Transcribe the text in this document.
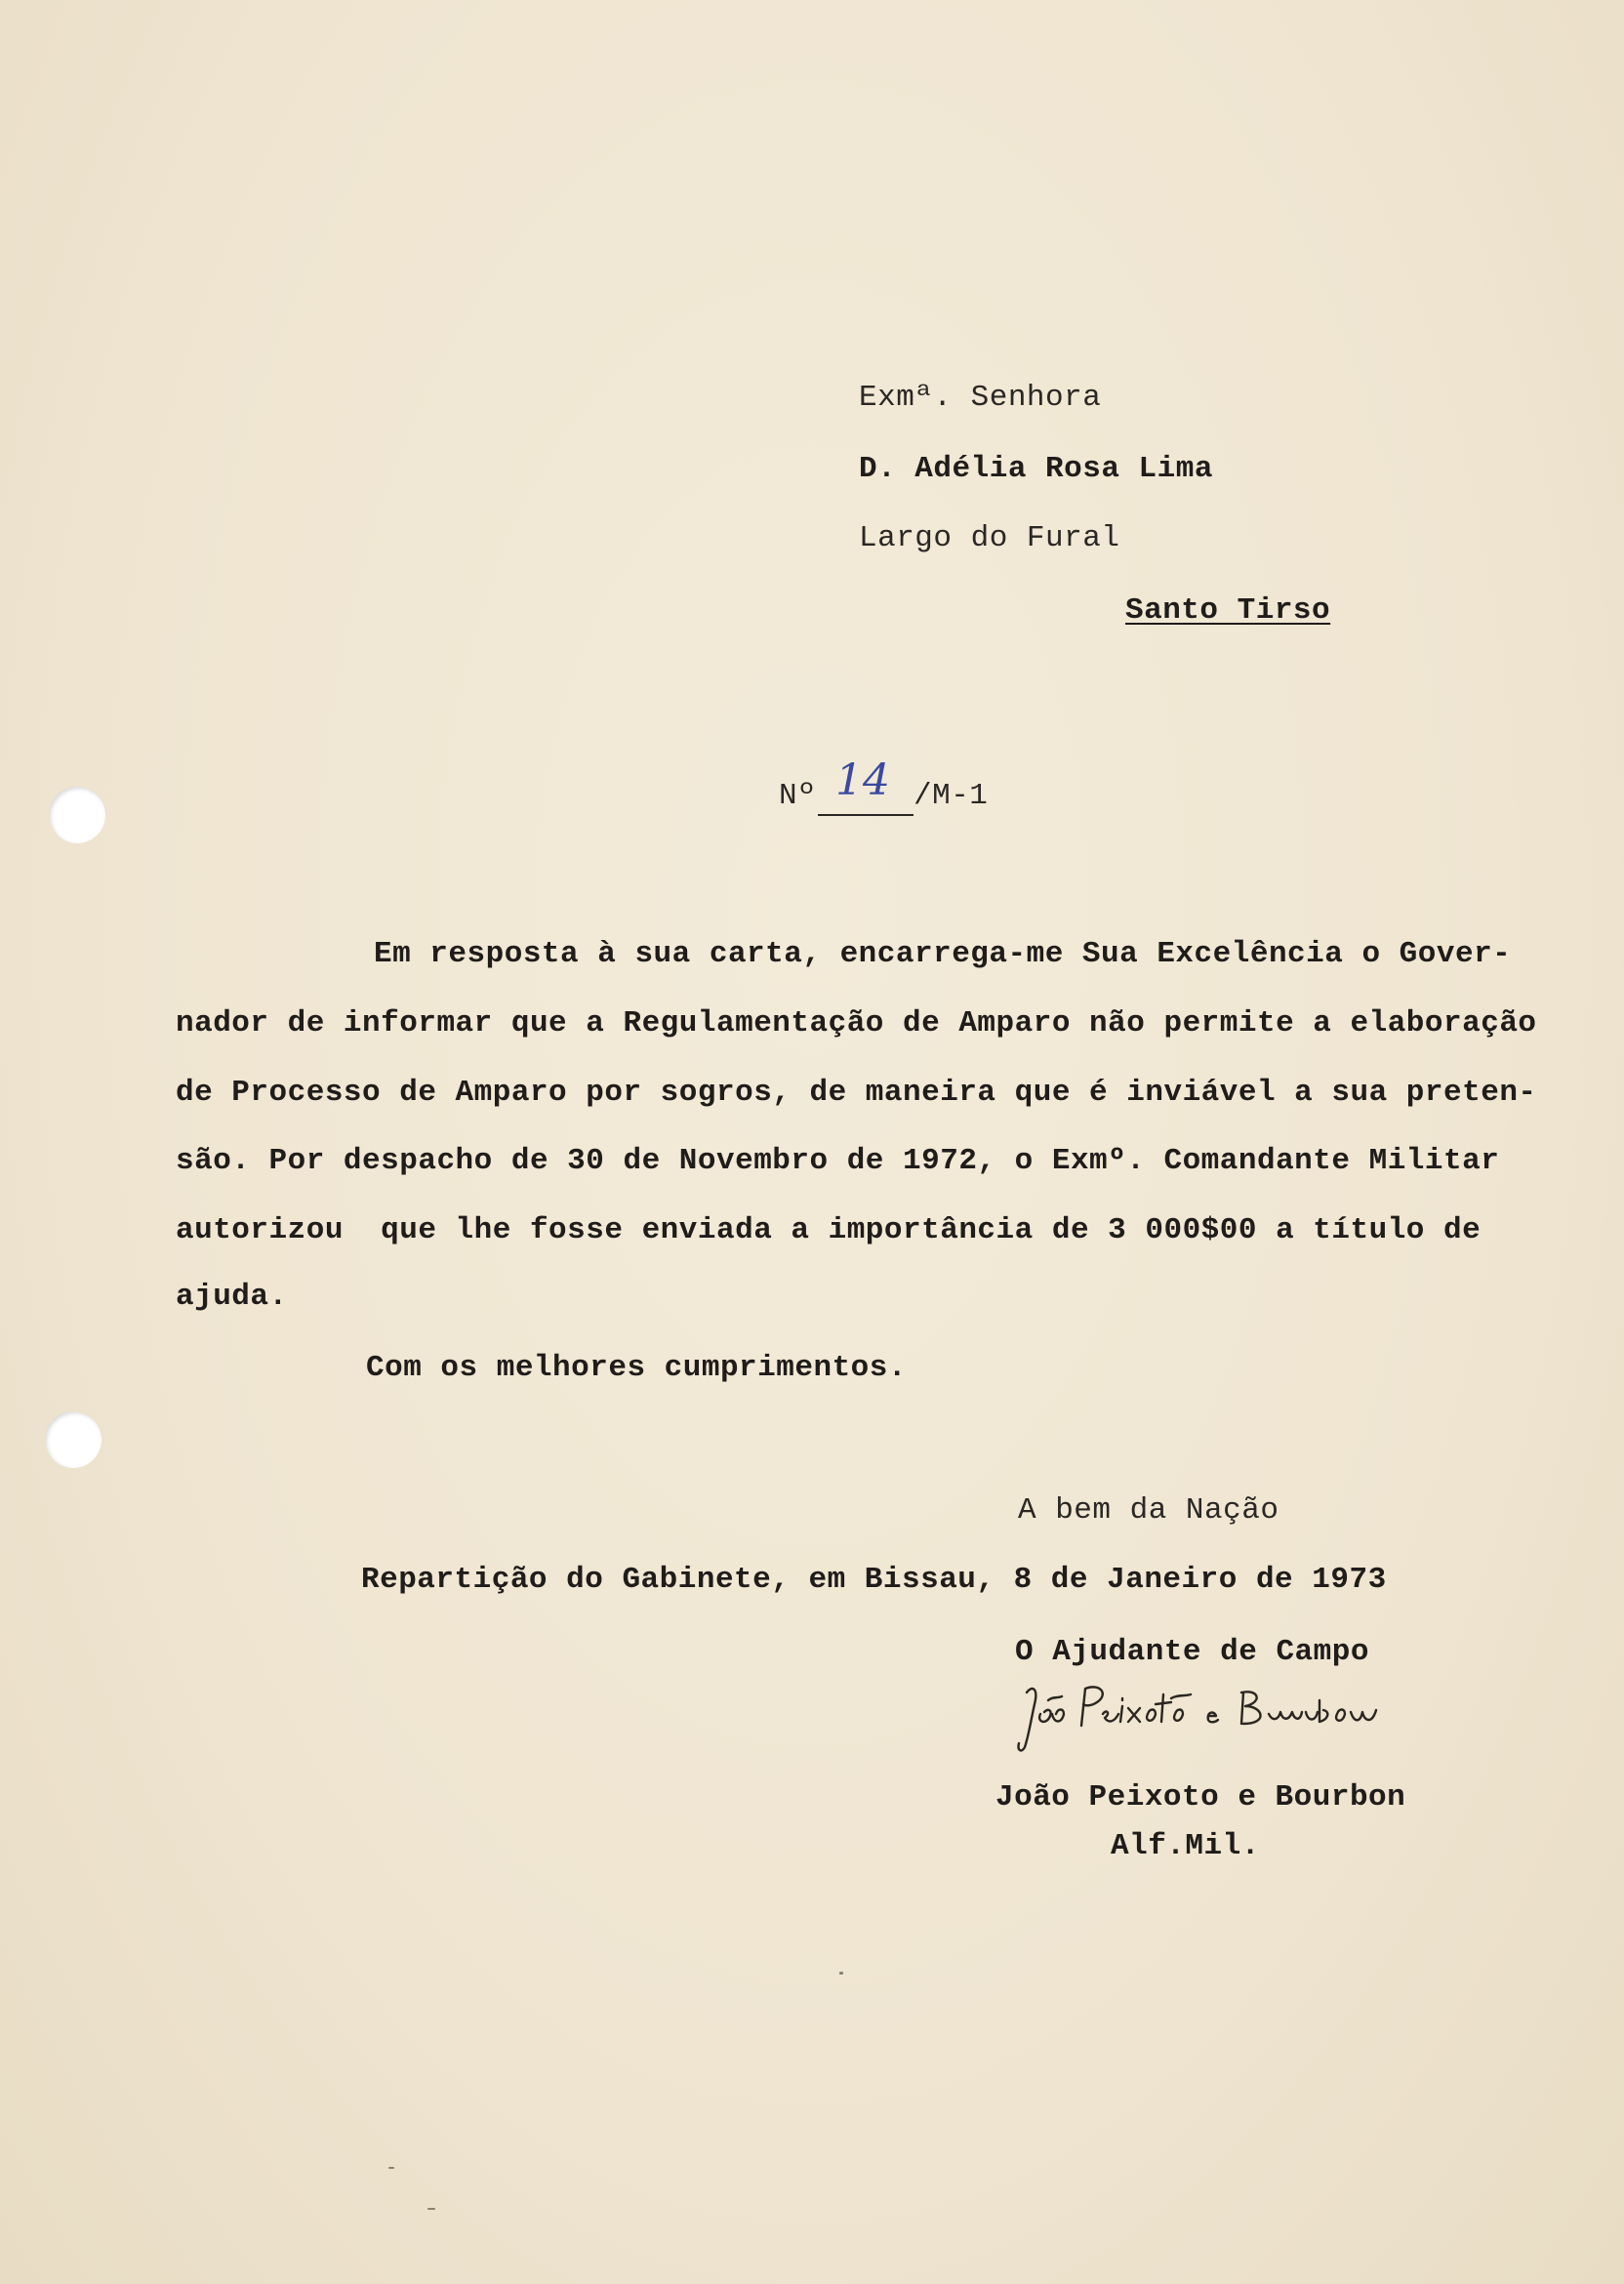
Exmª. Senhora
D. Adélia Rosa Lima
Largo do Fural
Santo Tirso
Nº 14 /M-1
Em resposta à sua carta, encarrega-me Sua Excelência o Gover-
nador de informar que a Regulamentação de Amparo não permite a elaboração
de Processo de Amparo por sogros, de maneira que é inviável a sua preten-
são. Por despacho de 30 de Novembro de 1972, o Exmº. Comandante Militar
autorizou  que lhe fosse enviada a importância de 3 000$00 a título de
ajuda.
Com os melhores cumprimentos.
A bem da Nação
Repartição do Gabinete, em Bissau, 8 de Janeiro de 1973
O Ajudante de Campo
João Peixoto e Bourbon
Alf.Mil.
